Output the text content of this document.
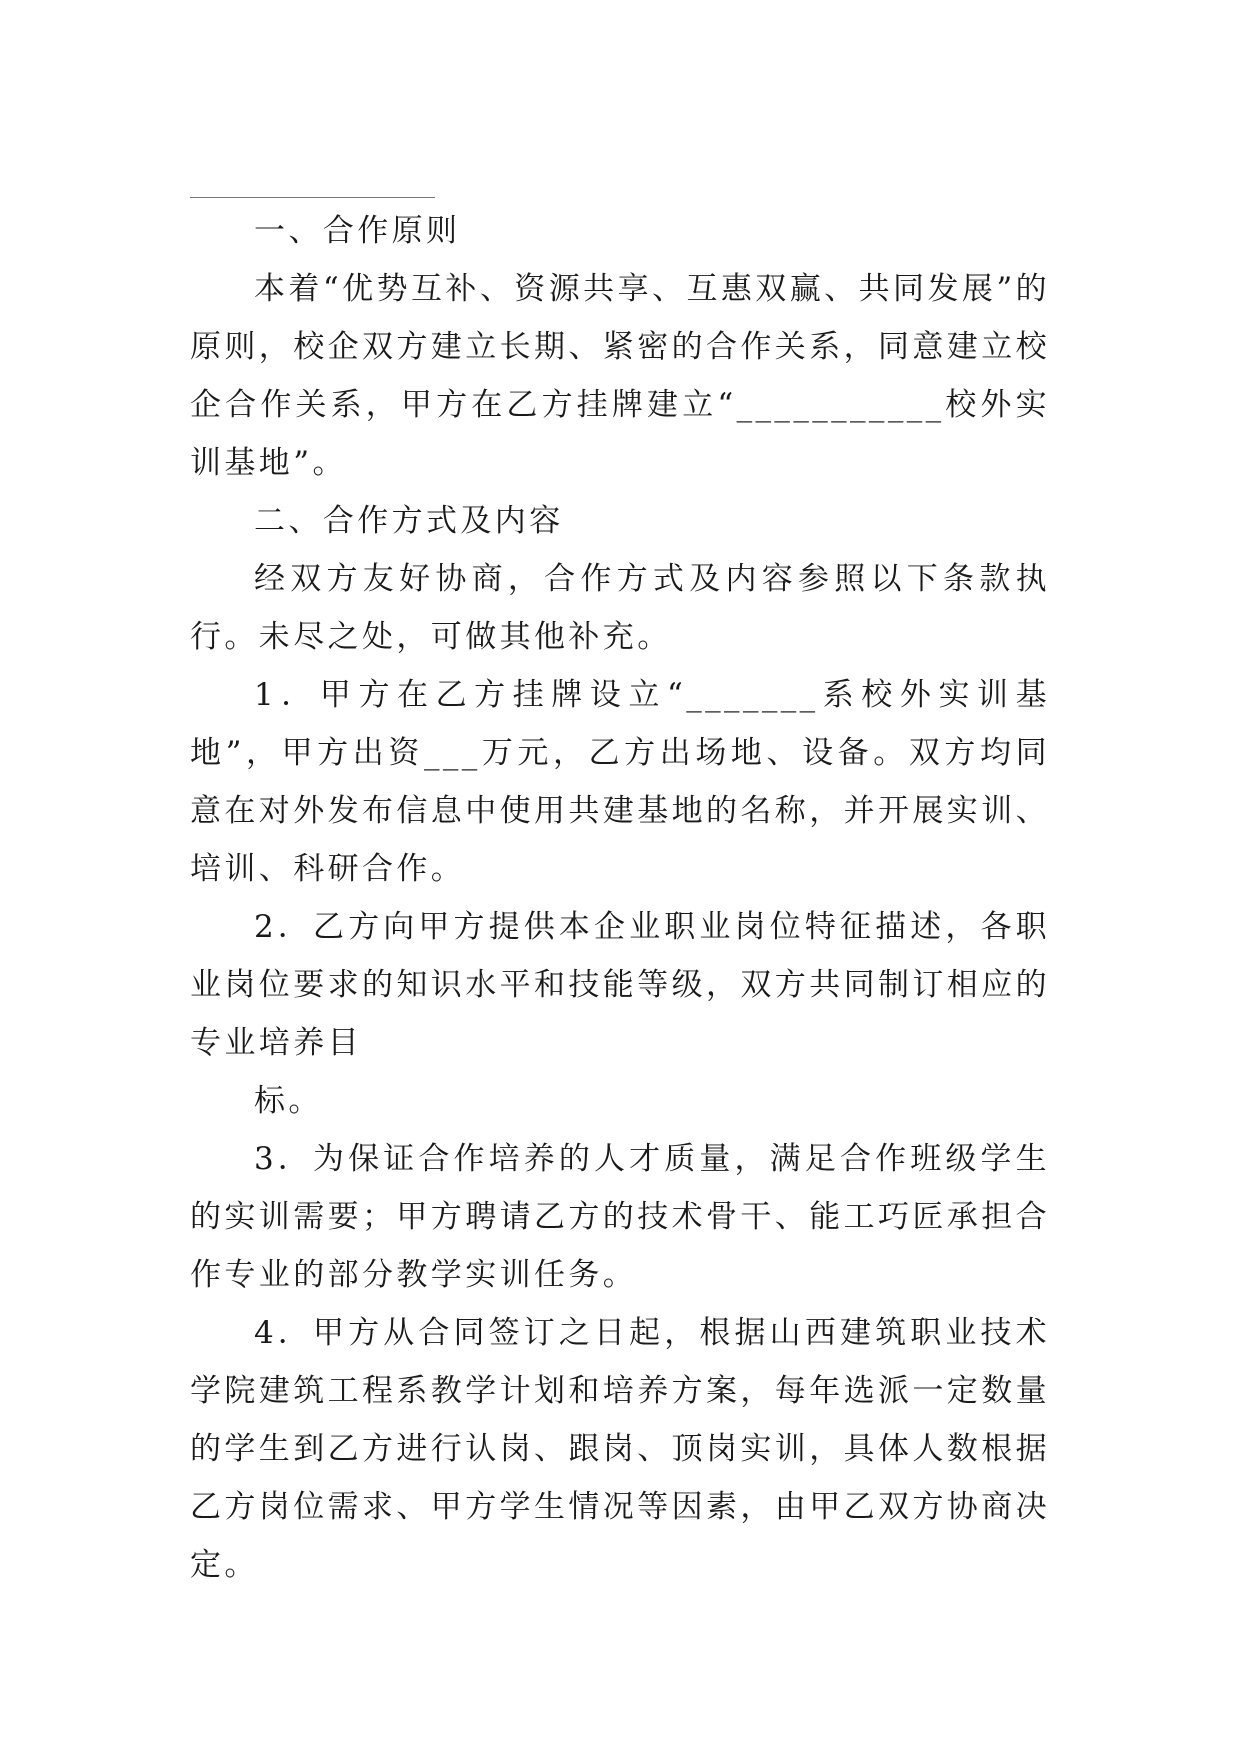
一、合作原则

本着“优势互补、资源共享、互惠双赢、共同发展”的原则，校企双方建立长期、紧密的合作关系，同意建立校企合作关系，甲方在乙方挂牌建立“___________校外实训基地”。

二、合作方式及内容

经双方友好协商，合作方式及内容参照以下条款执行。未尽之处，可做其他补充。

1．甲方在乙方挂牌设立“_______系校外实训基地”，甲方出资___万元，乙方出场地、设备。双方均同意在对外发布信息中使用共建基地的名称，并开展实训、培训、科研合作。

2．乙方向甲方提供本企业职业岗位特征描述，各职业岗位要求的知识水平和技能等级，双方共同制订相应的专业培养目

标。

3．为保证合作培养的人才质量，满足合作班级学生的实训需要；甲方聘请乙方的技术骨干、能工巧匠承担合作专业的部分教学实训任务。

4．甲方从合同签订之日起，根据山西建筑职业技术学院建筑工程系教学计划和培养方案，每年选派一定数量的学生到乙方进行认岗、跟岗、顶岗实训，具体人数根据乙方岗位需求、甲方学生情况等因素，由甲乙双方协商决定。
